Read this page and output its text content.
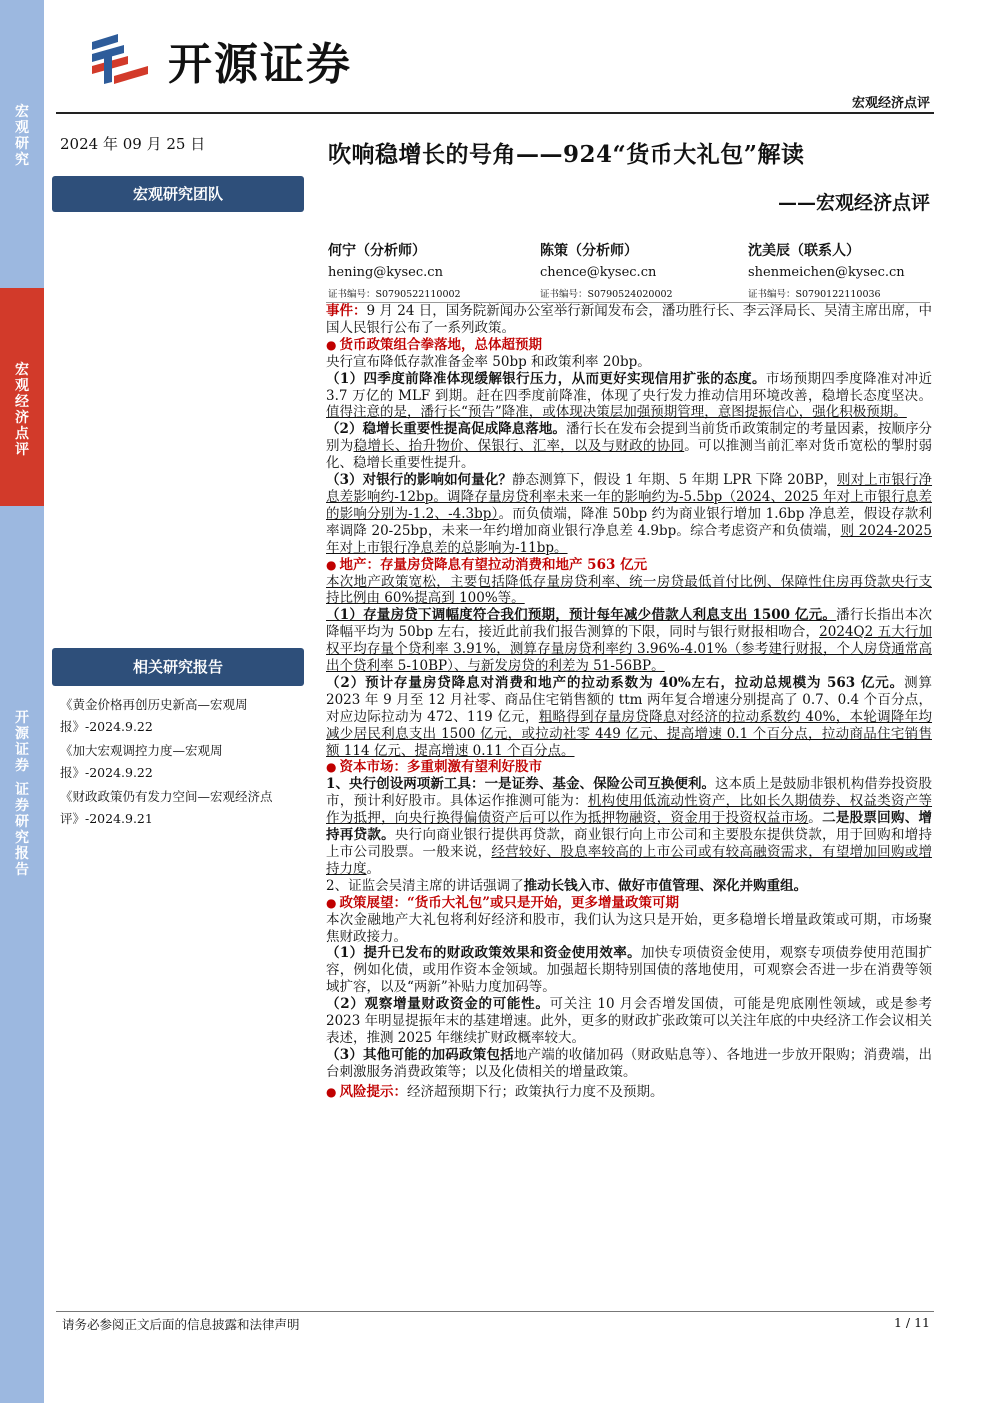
宏
观
研
究
宏
观
经
济
点
评
开
源
证
券
证
券
研
究
报
告
开源证券
宏观经济点评
2024 年 09 月 25 日	吹响稳增长的号角——924“货币大礼包”解读
——宏观经济点评
宏观研究团队
何宁（分析师）
hening@kysec.cn
证书编号：S0790522110002
陈策（分析师）
chence@kysec.cn
证书编号：S0790524020002
沈美辰（联系人）
shenmeichen@kysec.cn
证书编号：S0790122110036

事件：9 月 24 日，国务院新闻办公室举行新闻发布会，潘功胜行长、李云泽局长、吴清主席出席，中国人民银行公布了一系列政策。

● 货币政策组合拳落地，总体超预期

央行宣布降低存款准备金率 50bp 和政策利率 20bp。

（1）四季度前降准体现缓解银行压力，从而更好实现信用扩张的态度。市场预期四季度降准对冲近 3.7 万亿的 MLF 到期。赶在四季度前降准，体现了央行发力推动信用环境改善，稳增长态度坚决。值得注意的是，潘行长“预告”降准，或体现决策层加强预期管理，意图提振信心，强化积极预期。

（2）稳增长重要性提高促成降息落地。潘行长在发布会提到当前货币政策制定的考量因素，按顺序分别为稳增长、抬升物价、保银行、汇率，以及与财政的协同。可以推测当前汇率对货币宽松的掣肘弱化、稳增长重要性提升。

（3）对银行的影响如何量化？静态测算下，假设 1 年期、5 年期 LPR 下降 20BP，则对上市银行净息差影响约-12bp。调降存量房贷利率未来一年的影响约为-5.5bp（2024、2025 年对上市银行息差的影响分别为-1.2、-4.3bp）。而负债端，降准 50bp 约为商业银行增加 1.6bp 净息差，假设存款利率调降 20-25bp，未来一年约增加商业银行净息差 4.9bp。综合考虑资产和负债端，则 2024-2025 年对上市银行净息差的总影响为-11bp。

● 地产：存量房贷降息有望拉动消费和地产 563 亿元

本次地产政策宽松，主要包括降低存量房贷利率、统一房贷最低首付比例、保障性住房再贷款央行支持比例由 60%提高到 100%等。

（1）存量房贷下调幅度符合我们预期，预计每年减少借款人利息支出 1500 亿元。潘行长指出本次降幅平均为 50bp 左右，接近此前我们报告测算的下限，同时与银行财报相吻合，2024Q2 五大行加权平均存量个贷利率 3.91%，测算存量房贷利率约 3.96%-4.01%（参考建行财报，个人房贷通常高出个贷利率 5-10BP）、与新发房贷的利差为 51-56BP。

（2）预计存量房贷降息对消费和地产的拉动系数为 40%左右，拉动总规模为 563 亿元。测算 2023 年 9 月至 12 月社零、商品住宅销售额的 ttm 两年复合增速分别提高了 0.7、0.4 个百分点，对应边际拉动为 472、119 亿元，粗略得到存量房贷降息对经济的拉动系数约 40%，本轮调降年均减少居民利息支出 1500 亿元，或拉动社零 449 亿元、提高增速 0.1 个百分点，拉动商品住宅销售额 114 亿元、提高增速 0.11 个百分点。

● 资本市场：多重刺激有望利好股市

1、央行创设两项新工具：一是证券、基金、保险公司互换便利。这本质上是鼓励非银机构借券投资股市，预计利好股市。具体运作推测可能为：机构使用低流动性资产，比如长久期债券、权益类资产等作为抵押，向央行换得偏债资产后可以作为抵押物融资，资金用于投资权益市场。二是股票回购、增持再贷款。央行向商业银行提供再贷款，商业银行向上市公司和主要股东提供贷款，用于回购和增持上市公司股票。一般来说，经营较好、股息率较高的上市公司或有较高融资需求，有望增加回购或增持力度。

2、证监会吴清主席的讲话强调了推动长钱入市、做好市值管理、深化并购重组。

● 政策展望：“货币大礼包”或只是开始，更多增量政策可期

本次金融地产大礼包将利好经济和股市，我们认为这只是开始，更多稳增长增量政策或可期，市场聚焦财政接力。

（1）提升已发布的财政政策效果和资金使用效率。加快专项债资金使用，观察专项债券使用范围扩容，例如化债，或用作资本金领域。加强超长期特别国债的落地使用，可观察会否进一步在消费等领域扩容，以及“两新”补贴力度加码等。

（2）观察增量财政资金的可能性。可关注 10 月会否增发国债，可能是兜底刚性领域，或是参考 2023 年明显提振年末的基建增速。此外，更多的财政扩张政策可以关注年底的中央经济工作会议相关表述，推测 2025 年继续扩财政概率较大。

（3）其他可能的加码政策包括地产端的收储加码（财政贴息等）、各地进一步放开限购；消费端，出台刺激服务消费政策等；以及化债相关的增量政策。

● 风险提示：经济超预期下行；政策执行力度不及预期。

相关研究报告

《黄金价格再创历史新高—宏观周报》-2024.9.22

《加大宏观调控力度—宏观周报》-2024.9.22

《财政政策仍有发力空间—宏观经济点评》-2024.9.21

请务必参阅正文后面的信息披露和法律声明	1 / 11
